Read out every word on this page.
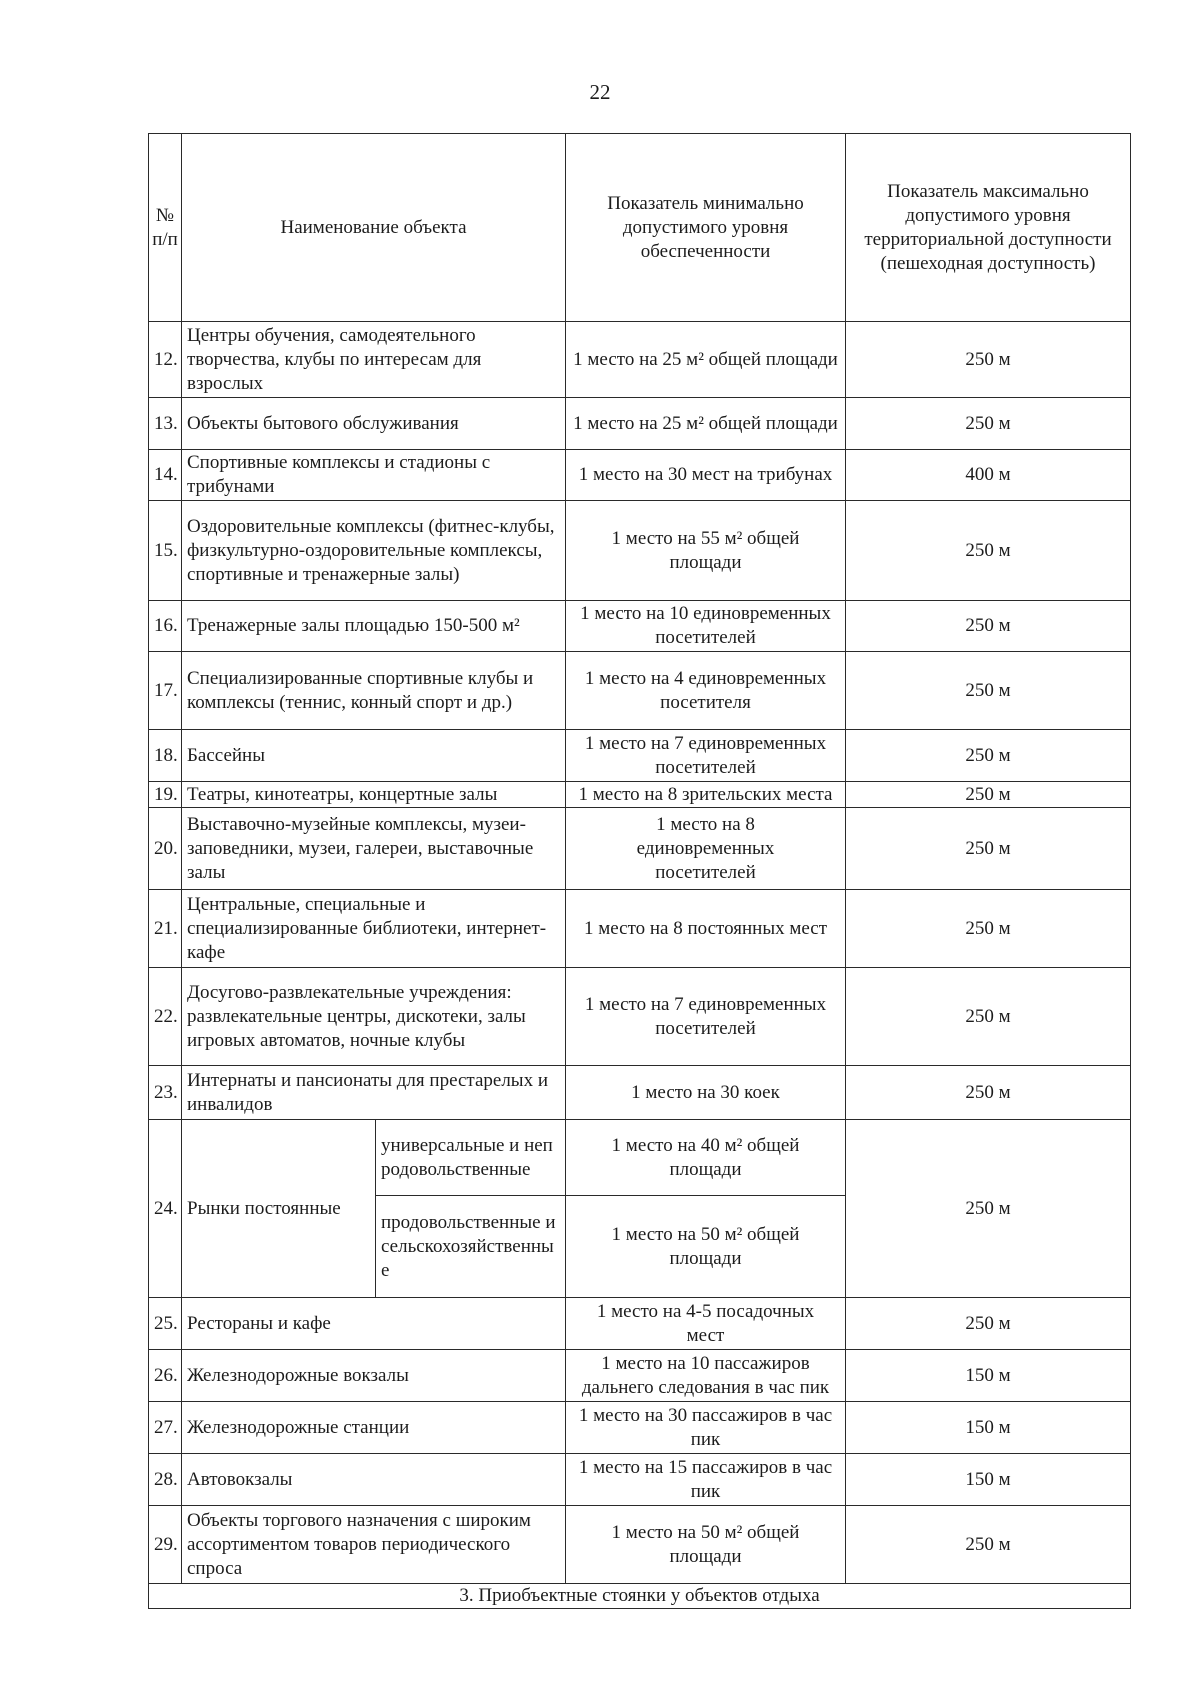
22
№ п/п	Наименование объекта		Показатель минимально допустимого уровня обеспеченности	Показатель максимально допустимого уровня территориальной доступности (пешеходная доступность)
12.	Центры обучения, самодеятельного творчества, клубы по интересам для взрослых		1 место на 25 м² общей площади	250 м
13.	Объекты бытового обслуживания		1 место на 25 м² общей площади	250 м
14.	Спортивные комплексы и стадионы с трибунами		1 место на 30 мест на трибунах	400 м
15.	Оздоровительные комплексы (фитнес-клубы, физкультурно-оздоровительные комплексы, спортивные и тренажерные залы)		1 место на 55 м² общей площади	250 м
16.	Тренажерные залы площадью 150-500 м²		1 место на 10 единовременных посетителей	250 м
17.	Специализированные спортивные клубы и комплексы (теннис, конный спорт и др.)		1 место на 4 единовременных посетителя	250 м
18.	Бассейны		1 место на 7 единовременных посетителей	250 м
19.	Театры, кинотеатры, концертные залы		1 место на 8 зрительских места	250 м
20.	Выставочно-музейные комплексы, музеи-заповедники, музеи, галереи, выставочные залы		1 место на 8 единовременных посетителей	250 м
21.	Центральные, специальные и специализированные библиотеки, интернет-кафе		1 место на 8 постоянных мест	250 м
22.	Досугово-развлекательные учреждения: развлекательные центры, дискотеки, залы игровых автоматов, ночные клубы		1 место на 7 единовременных посетителей	250 м
23.	Интернаты и пансионаты для престарелых и инвалидов		1 место на 30 коек	250 м
24.	Рынки постоянные	универсальные и непродовольственные	1 место на 40 м² общей площади	250 м
		продовольственные и сельскохозяйственные	1 место на 50 м² общей площади	
25.	Рестораны и кафе		1 место на 4-5 посадочных мест	250 м
26.	Железнодорожные вокзалы		1 место на 10 пассажиров дальнего следования в час пик	150 м
27.	Железнодорожные станции		1 место на 30 пассажиров в час пик	150 м
28.	Автовокзалы		1 место на 15 пассажиров в час пик	150 м
29.	Объекты торгового назначения с широким ассортиментом товаров периодического спроса		1 место на 50 м² общей площади	250 м
3. Приобъектные стоянки у объектов отдыха				
